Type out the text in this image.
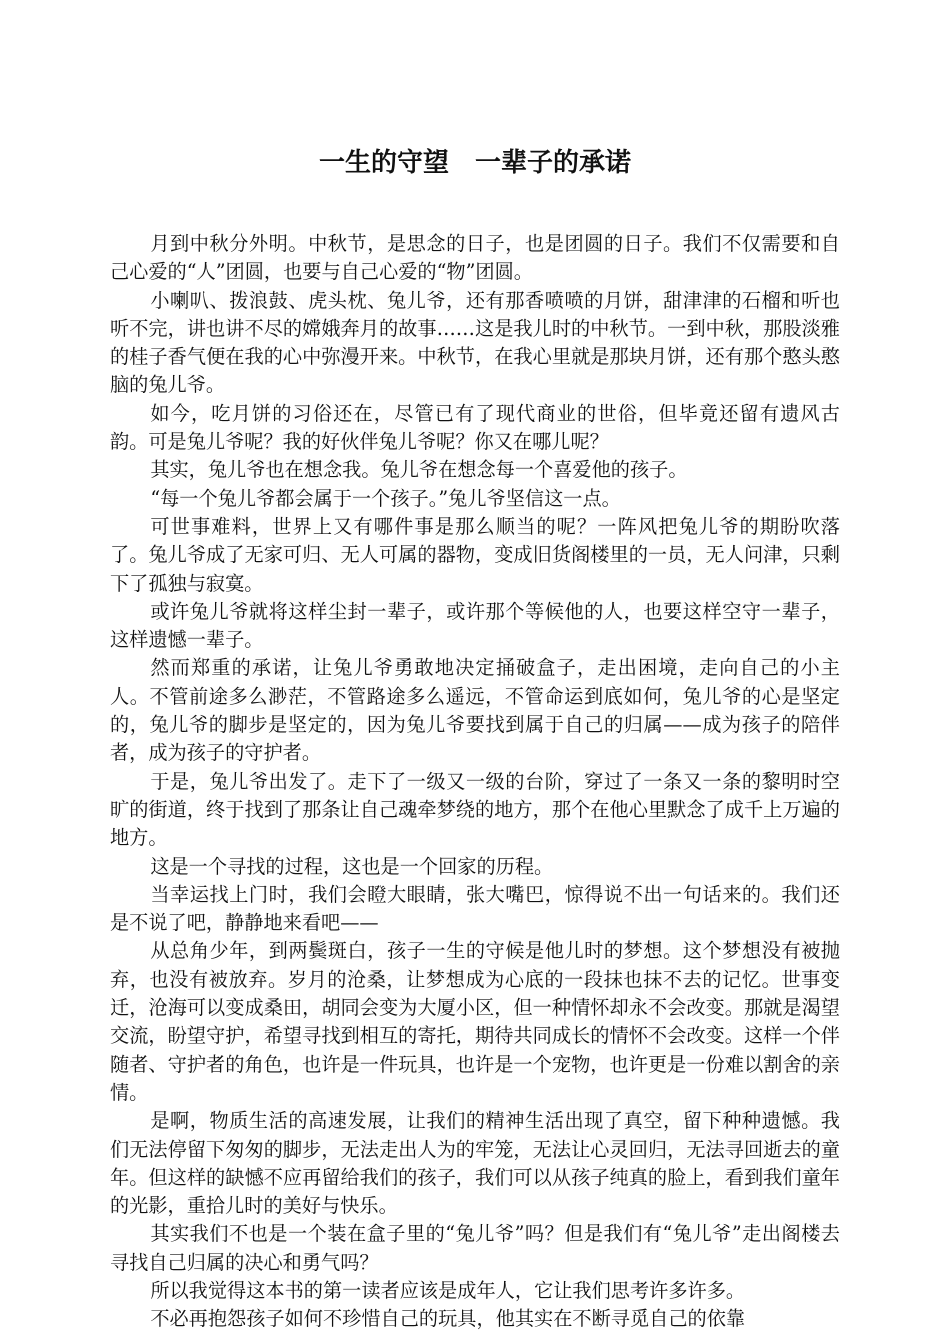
一生的守望　一辈子的承诺

月到中秋分外明。中秋节，是思念的日子，也是团圆的日子。我们不仅需要和自己心爱的“人”团圆，也要与自己心爱的“物”团圆。

小喇叭、拨浪鼓、虎头枕、兔儿爷，还有那香喷喷的月饼，甜津津的石榴和听也听不完，讲也讲不尽的嫦娥奔月的故事……这是我儿时的中秋节。一到中秋，那股淡雅的桂子香气便在我的心中弥漫开来。中秋节，在我心里就是那块月饼，还有那个憨头憨脑的兔儿爷。

如今，吃月饼的习俗还在，尽管已有了现代商业的世俗，但毕竟还留有遗风古韵。可是兔儿爷呢？我的好伙伴兔儿爷呢？你又在哪儿呢？

其实，兔儿爷也在想念我。兔儿爷在想念每一个喜爱他的孩子。

“每一个兔儿爷都会属于一个孩子。”兔儿爷坚信这一点。

可世事难料，世界上又有哪件事是那么顺当的呢？一阵风把兔儿爷的期盼吹落了。兔儿爷成了无家可归、无人可属的器物，变成旧货阁楼里的一员，无人问津，只剩下了孤独与寂寞。

或许兔儿爷就将这样尘封一辈子，或许那个等候他的人，也要这样空守一辈子，这样遗憾一辈子。

然而郑重的承诺，让兔儿爷勇敢地决定捅破盒子，走出困境，走向自己的小主人。不管前途多么渺茫，不管路途多么遥远，不管命运到底如何，兔儿爷的心是坚定的，兔儿爷的脚步是坚定的，因为兔儿爷要找到属于自己的归属——成为孩子的陪伴者，成为孩子的守护者。

于是，兔儿爷出发了。走下了一级又一级的台阶，穿过了一条又一条的黎明时空旷的街道，终于找到了那条让自己魂牵梦绕的地方，那个在他心里默念了成千上万遍的地方。

这是一个寻找的过程，这也是一个回家的历程。

当幸运找上门时，我们会瞪大眼睛，张大嘴巴，惊得说不出一句话来的。我们还是不说了吧，静静地来看吧——

从总角少年，到两鬓斑白，孩子一生的守候是他儿时的梦想。这个梦想没有被抛弃，也没有被放弃。岁月的沧桑，让梦想成为心底的一段抹也抹不去的记忆。世事变迁，沧海可以变成桑田，胡同会变为大厦小区，但一种情怀却永不会改变。那就是渴望交流，盼望守护，希望寻找到相互的寄托，期待共同成长的情怀不会改变。这样一个伴随者、守护者的角色，也许是一件玩具，也许是一个宠物，也许更是一份难以割舍的亲情。

是啊，物质生活的高速发展，让我们的精神生活出现了真空，留下种种遗憾。我们无法停留下匆匆的脚步，无法走出人为的牢笼，无法让心灵回归，无法寻回逝去的童年。但这样的缺憾不应再留给我们的孩子，我们可以从孩子纯真的脸上，看到我们童年的光影，重拾儿时的美好与快乐。

其实我们不也是一个装在盒子里的“兔儿爷”吗？但是我们有“兔儿爷”走出阁楼去寻找自己归属的决心和勇气吗？

所以我觉得这本书的第一读者应该是成年人，它让我们思考许多许多。

不必再抱怨孩子如何不珍惜自己的玩具，他其实在不断寻觅自己的依靠
